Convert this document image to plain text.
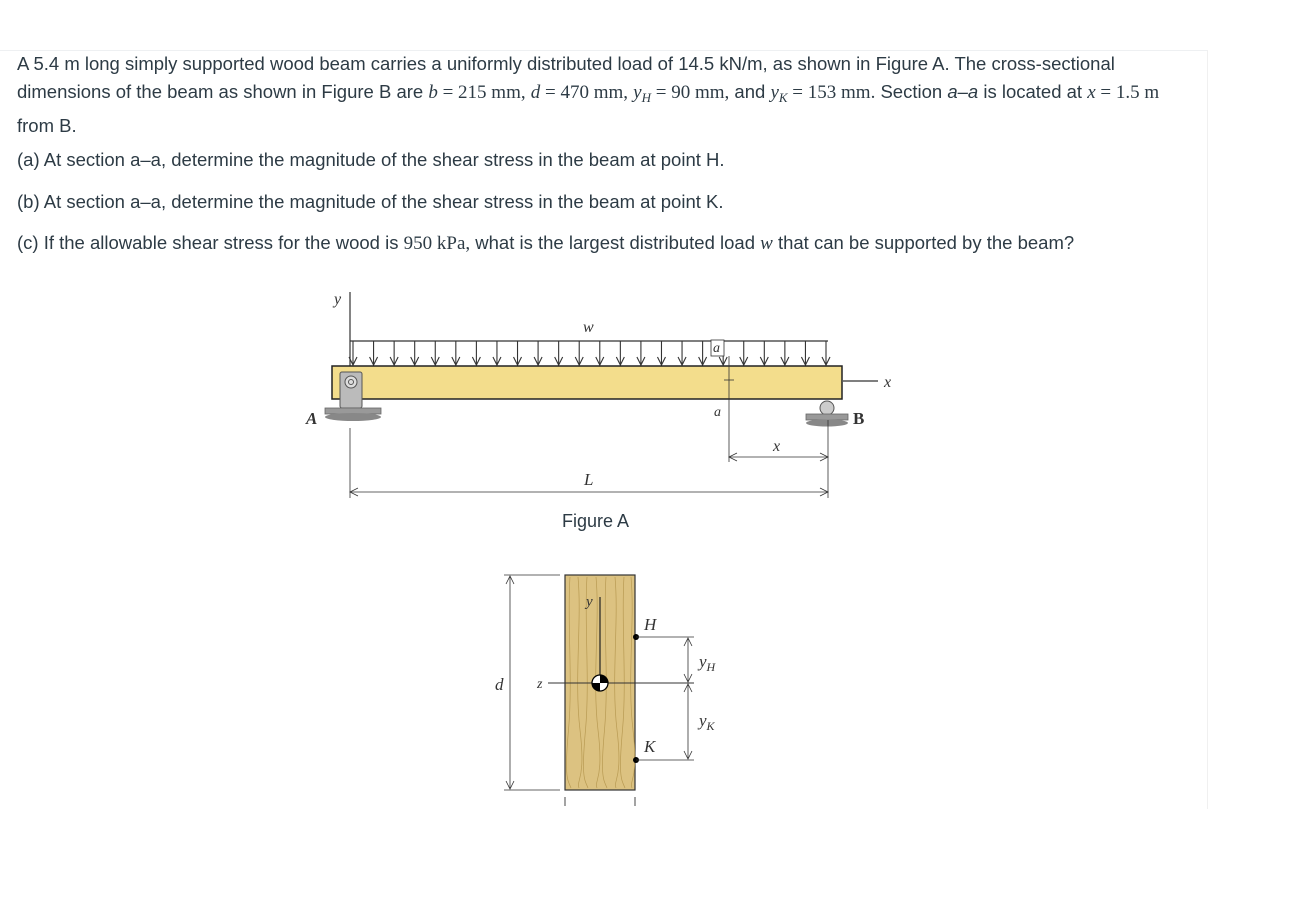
A 5.4 m long simply supported wood beam carries a uniformly distributed load of 14.5 kN/m, as shown in Figure A. The cross-sectional dimensions of the beam as shown in Figure B are b = 215 mm, d = 470 mm, $y_H = 90$ mm, and $y_K = 153$ mm. Section a–a is located at x = 1.5 m from B.
(a) At section a–a, determine the magnitude of the shear stress in the beam at point H.
(b) At section a–a, determine the magnitude of the shear stress in the beam at point K.
(c) If the allowable shear stress for the wood is 950 kPa, what is the largest distributed load w that can be supported by the beam?
y
w
a
a
A	B
x
x
L
Figure A
d
y
z
H
K
$y_H$
$y_K$
